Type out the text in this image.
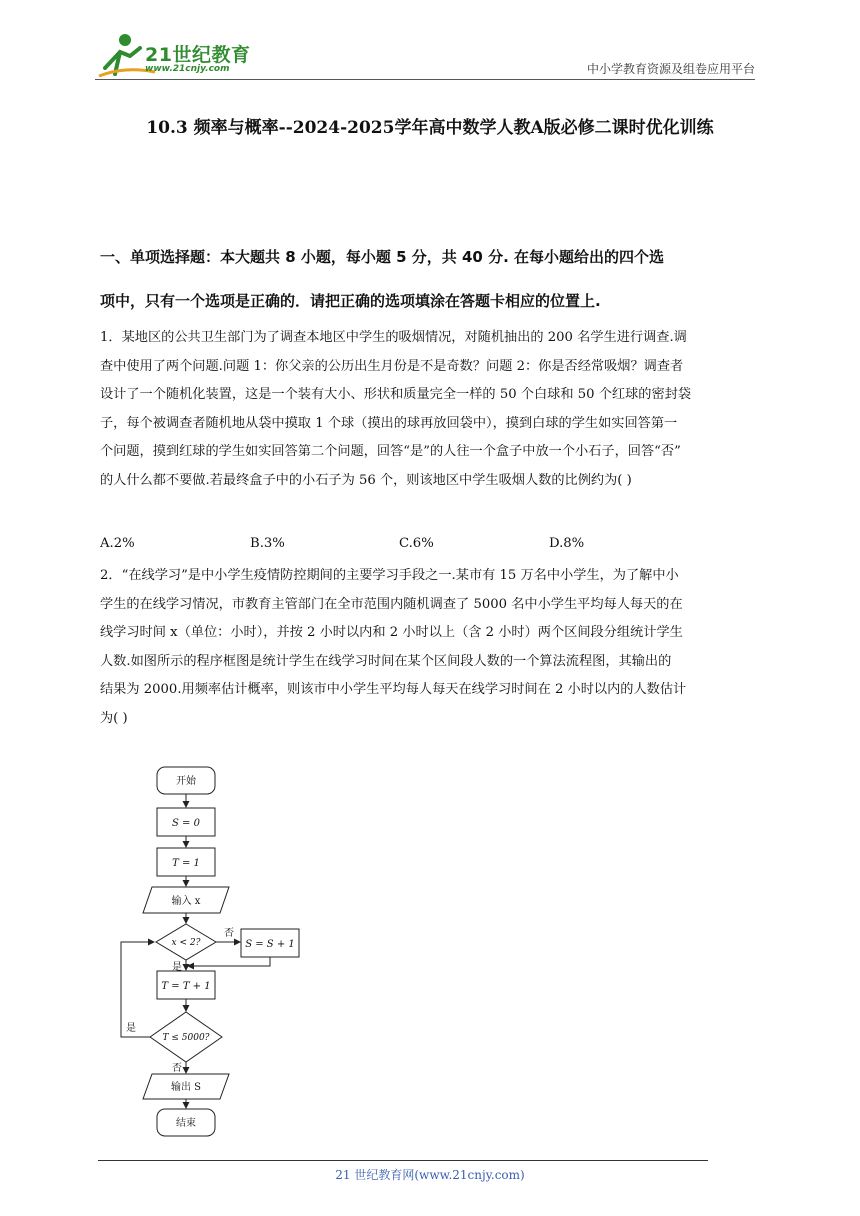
21世纪教育
www.21cnjy.com	中小学教育资源及组卷应用平台
10.3 频率与概率--2024-2025学年高中数学人教A版必修二课时优化训练
一、单项选择题：本大题共 8 小题，每小题 5 分，共 40 分. 在每小题给出的四个选
项中，只有一个选项是正确的．请把正确的选项填涂在答题卡相应的位置上.
1．某地区的公共卫生部门为了调查本地区中学生的吸烟情况，对随机抽出的 200 名学生进行调查.调
查中使用了两个问题.问题 1：你父亲的公历出生月份是不是奇数？问题 2：你是否经常吸烟？调查者
设计了一个随机化装置，这是一个装有大小、形状和质量完全一样的 50 个白球和 50 个红球的密封袋
子，每个被调查者随机地从袋中摸取 1 个球（摸出的球再放回袋中），摸到白球的学生如实回答第一
个问题，摸到红球的学生如实回答第二个问题，回答“是”的人往一个盒子中放一个小石子，回答“否”
的人什么都不要做.若最终盒子中的小石子为 56 个，则该地区中学生吸烟人数的比例约为( )
A.2%	B.3%	C.6%	D.8%
2．“在线学习”是中小学生疫情防控期间的主要学习手段之一.某市有 15 万名中小学生，为了解中小
学生的在线学习情况，市教育主管部门在全市范围内随机调查了 5000 名中小学生平均每人每天的在
线学习时间 x（单位：小时），并按 2 小时以内和 2 小时以上（含 2 小时）两个区间段分组统计学生
人数.如图所示的程序框图是统计学生在线学习时间在某个区间段人数的一个算法流程图，其输出的
结果为 2000.用频率估计概率，则该市中小学生平均每人每天在线学习时间在 2 小时以内的人数估计
为( )
开始
S = 0
T = 1
输入 x
x < 2?
否
S = S + 1
是
T = T + 1
T ≤ 5000?
是
否
输出 S
结束
21 世纪教育网(www.21cnjy.com)
